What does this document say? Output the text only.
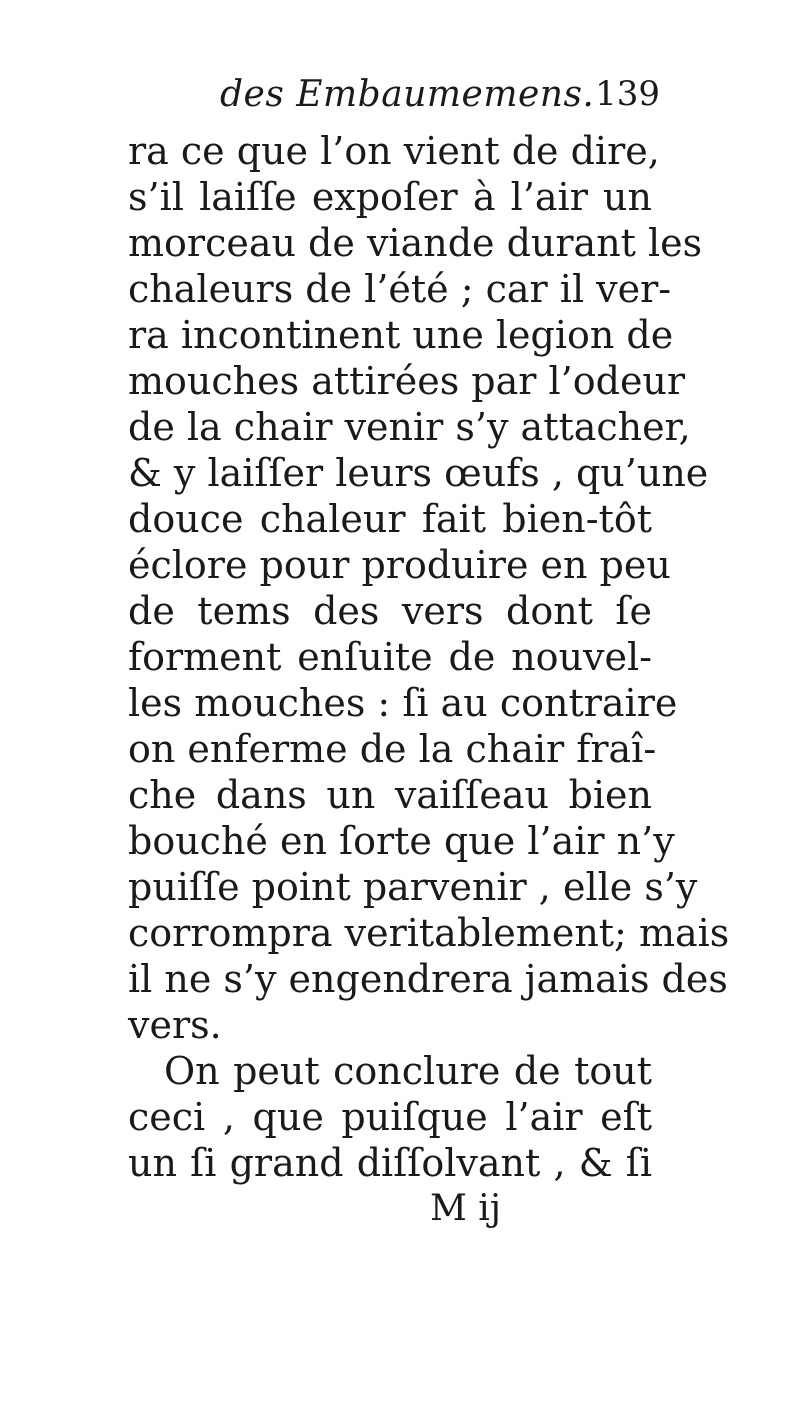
des Embaumemens. 139
ra ce que l’on vient de dire,
s’il laiſſe expoſer à l’air un
morceau de viande durant les
chaleurs de l’été ; car il ver-
ra incontinent une legion de
mouches attirées par l’odeur
de la chair venir s’y attacher,
& y laiſſer leurs œufs , qu’une
douce chaleur fait bien-tôt
éclore pour produire en peu
de tems des vers dont ſe
forment enſuite de nouvel-
les mouches : ſi au contraire
on enferme de la chair fraî-
che dans un vaiſſeau bien
bouché en ſorte que l’air n’y
puiſſe point parvenir , elle s’y
corrompra veritablement; mais
il ne s’y engendrera jamais des
vers.
On peut conclure de tout
ceci , que puiſque l’air eſt
un ſi grand diſſolvant , & ſi
M ij
